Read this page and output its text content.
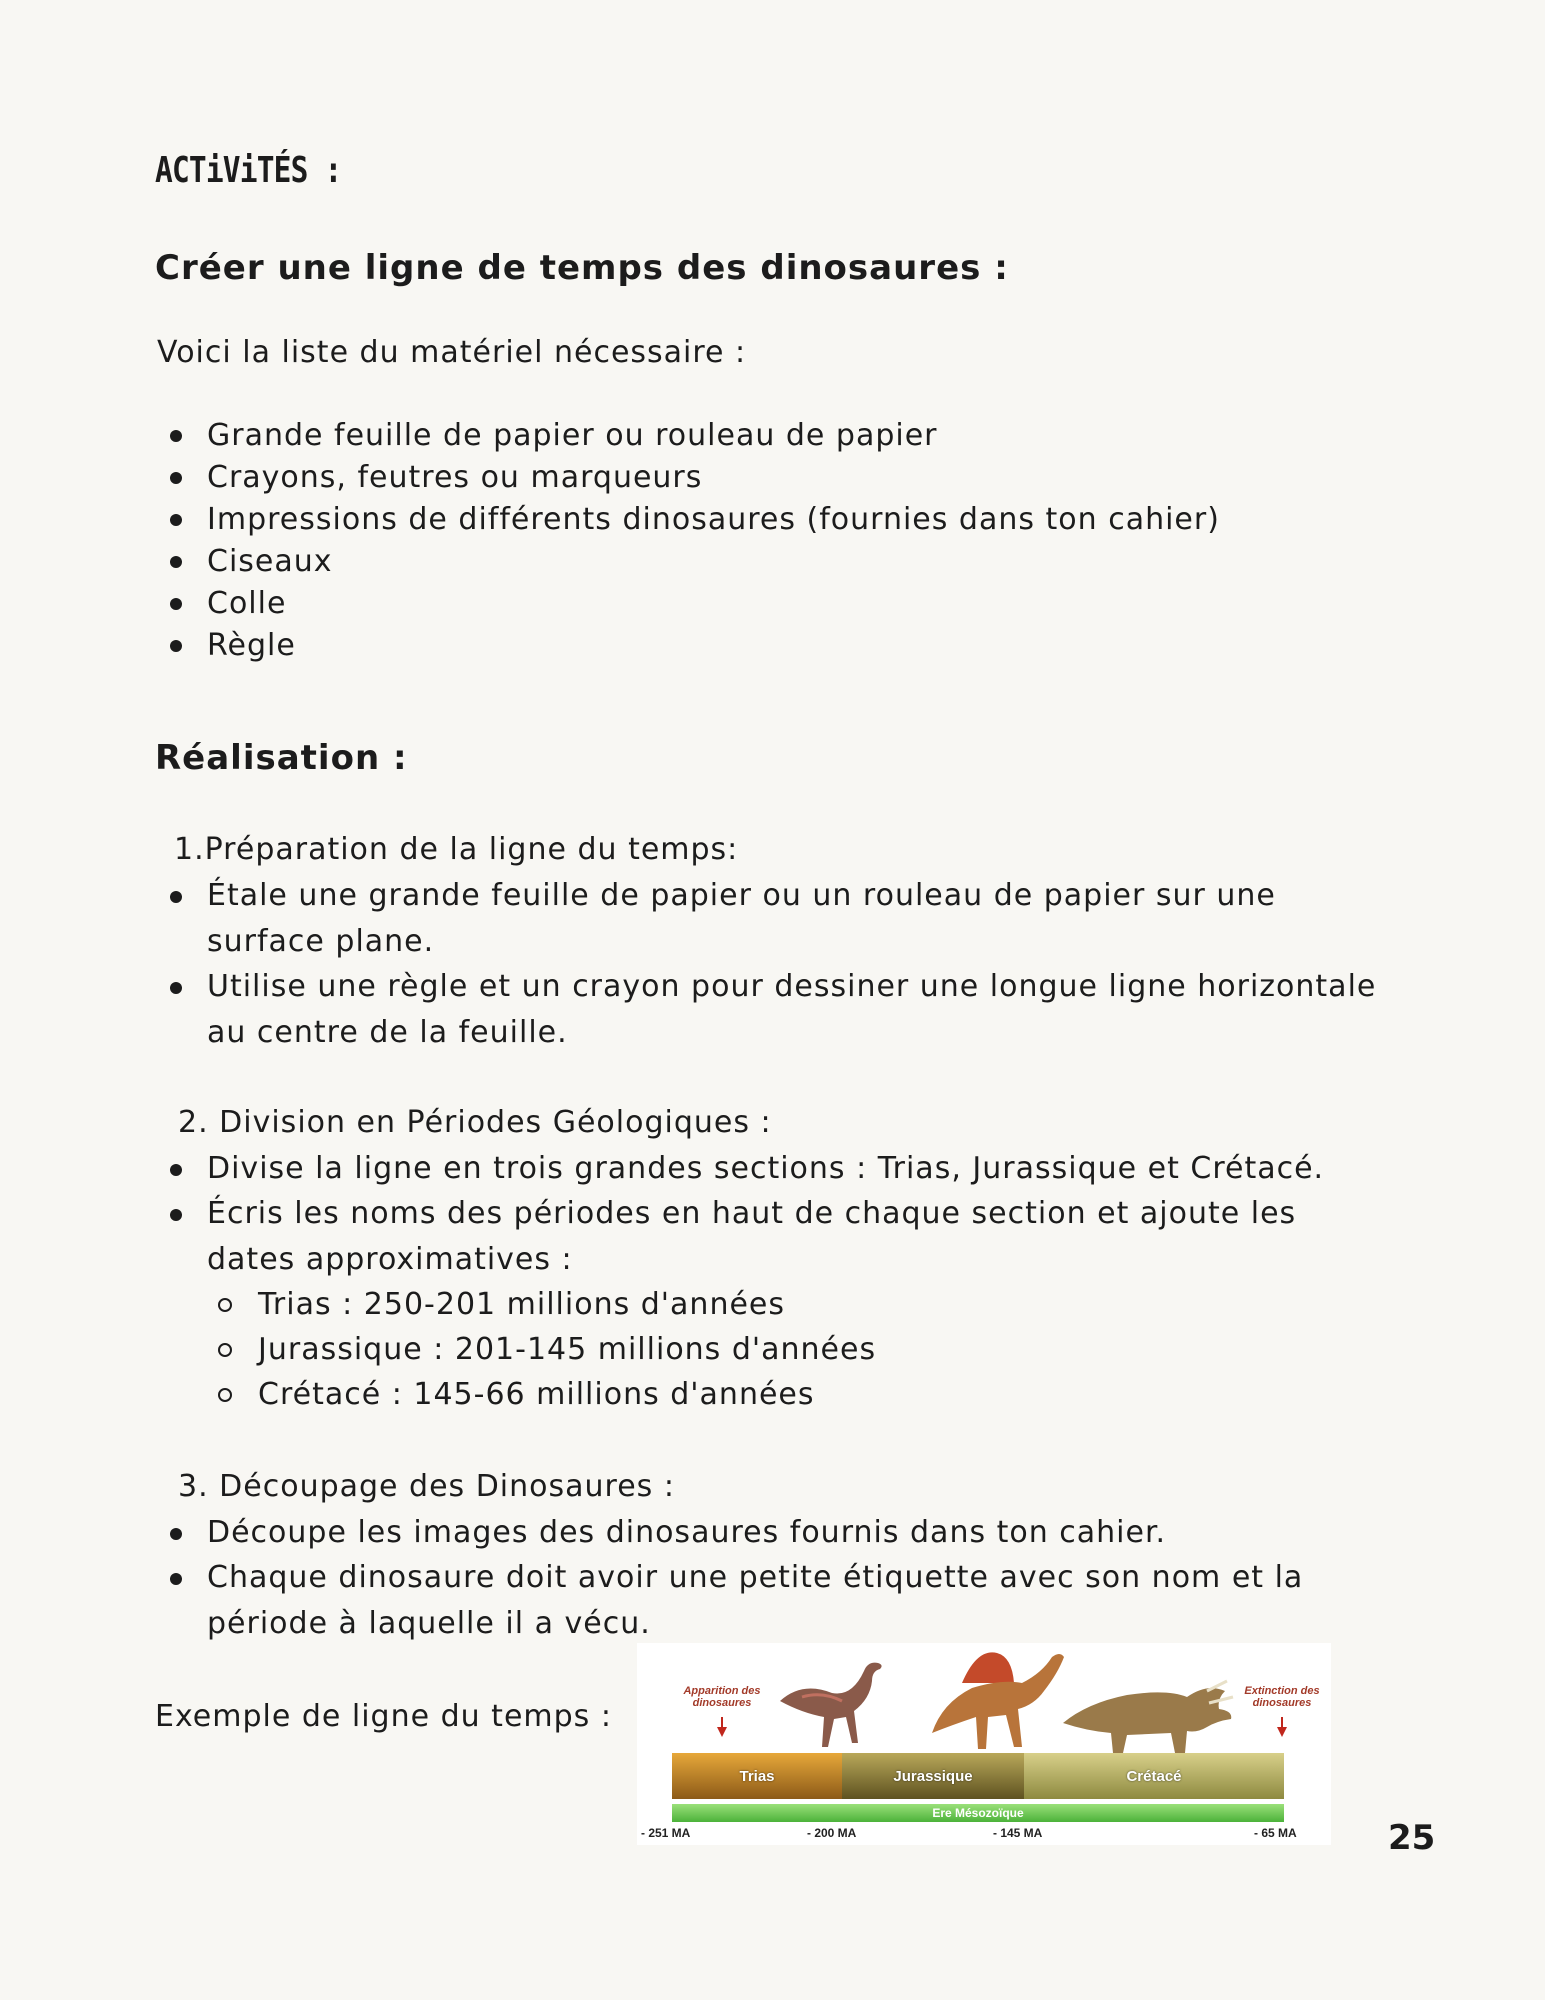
ACTiViTÉS :
Créer une ligne de temps des dinosaures :
Voici la liste du matériel nécessaire :
Grande feuille de papier ou rouleau de papier
Crayons, feutres ou marqueurs
Impressions de différents dinosaures (fournies dans ton cahier)
Ciseaux
Colle
Règle
Réalisation :
1.Préparation de la ligne du temps:
Étale une grande feuille de papier ou un rouleau de papier sur une
surface plane.
Utilise une règle et un crayon pour dessiner une longue ligne horizontale
au centre de la feuille.
2. Division en Périodes Géologiques :
Divise la ligne en trois grandes sections : Trias, Jurassique et Crétacé.
Écris les noms des périodes en haut de chaque section et ajoute les
dates approximatives :
Trias : 250-201 millions d'années
Jurassique : 201-145 millions d'années
Crétacé : 145-66 millions d'années
3. Découpage des Dinosaures :
Découpe les images des dinosaures fournis dans ton cahier.
Chaque dinosaure doit avoir une petite étiquette avec son nom et la
période à laquelle il a vécu.
Exemple de ligne du temps :
Apparition des dinosaures
Extinction des dinosaures
Trias	Jurassique	Crétacé
Ere Mésozoïque
- 251 MA	- 200 MA	- 145 MA	- 65 MA	25
